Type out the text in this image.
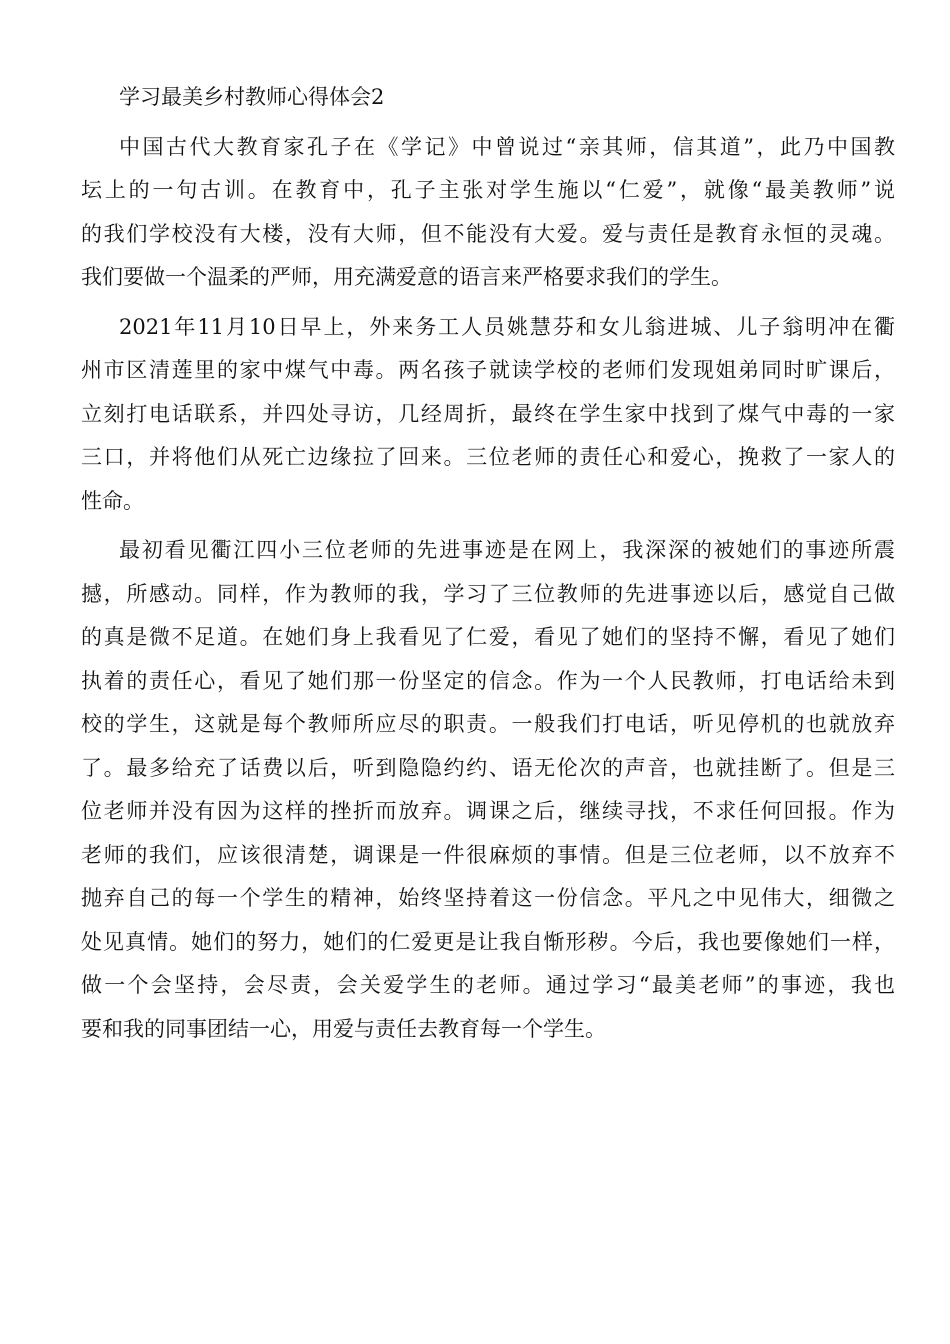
学习最美乡村教师心得体会2
中国古代大教育家孔子在《学记》中曾说过“亲其师，信其道”，此乃中国教
坛上的一句古训。在教育中，孔子主张对学生施以“仁爱”，就像“最美教师”说
的我们学校没有大楼，没有大师，但不能没有大爱。爱与责任是教育永恒的灵魂。
我们要做一个温柔的严师，用充满爱意的语言来严格要求我们的学生。
2021年11月10日早上，外来务工人员姚慧芬和女儿翁进城、儿子翁明冲在衢
州市区清莲里的家中煤气中毒。两名孩子就读学校的老师们发现姐弟同时旷课后，
立刻打电话联系，并四处寻访，几经周折，最终在学生家中找到了煤气中毒的一家
三口，并将他们从死亡边缘拉了回来。三位老师的责任心和爱心，挽救了一家人的
性命。
最初看见衢江四小三位老师的先进事迹是在网上，我深深的被她们的事迹所震
撼，所感动。同样，作为教师的我，学习了三位教师的先进事迹以后，感觉自己做
的真是微不足道。在她们身上我看见了仁爱，看见了她们的坚持不懈，看见了她们
执着的责任心，看见了她们那一份坚定的信念。作为一个人民教师，打电话给未到
校的学生，这就是每个教师所应尽的职责。一般我们打电话，听见停机的也就放弃
了。最多给充了话费以后，听到隐隐约约、语无伦次的声音，也就挂断了。但是三
位老师并没有因为这样的挫折而放弃。调课之后，继续寻找，不求任何回报。作为
老师的我们，应该很清楚，调课是一件很麻烦的事情。但是三位老师，以不放弃不
抛弃自己的每一个学生的精神，始终坚持着这一份信念。平凡之中见伟大，细微之
处见真情。她们的努力，她们的仁爱更是让我自惭形秽。今后，我也要像她们一样，
做一个会坚持，会尽责，会关爱学生的老师。通过学习“最美老师”的事迹，我也
要和我的同事团结一心，用爱与责任去教育每一个学生。
